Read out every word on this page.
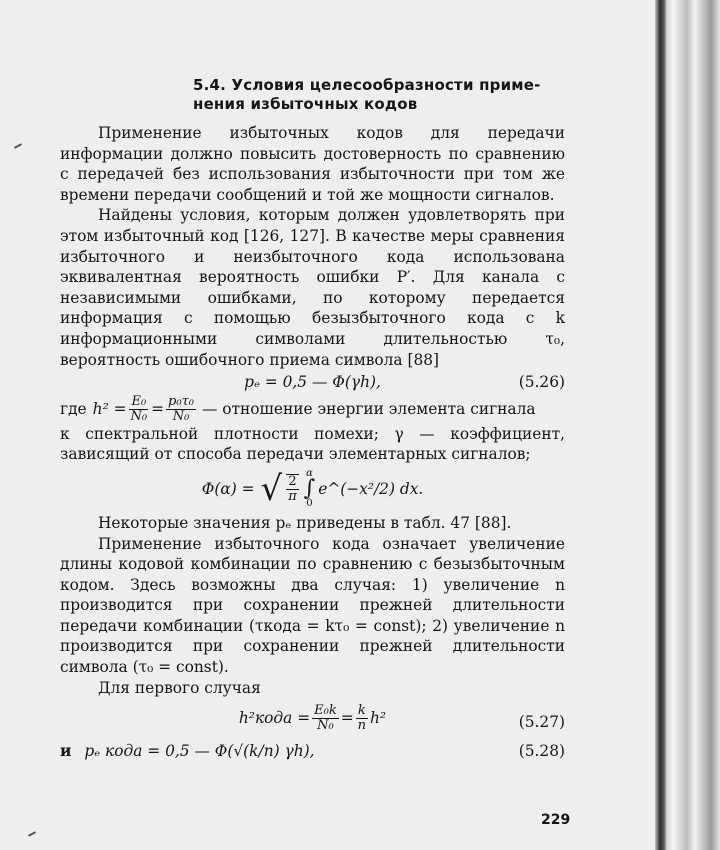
5.4. Условия целесообразности приме-
нения избыточных кодов

Применение избыточных кодов для передачи информации должно повысить достоверность по сравнению с передачей без использования избыточности при том же времени передачи сообщений и той же мощности сигналов.

Найдены условия, которым должен удовлетворять при этом избыточный код [126, 127]. В качестве меры сравнения избыточного и неизбыточного кода использована эквивалентная вероятность ошибки P′. Для канала с независимыми ошибками, по которому передается информация с помощью безызбыточного кода с k информационными символами длительностью τ₀, вероятность ошибочного приема символа [88]

pₑ = 0,5 — Φ(γh),	(5.26)
где $h^2 = \frac{\text{E₀}}{\text{N₀}} = \frac{\text{p₀τ₀}}{\text{N₀}}$ — отношение энергии элемента сигнала

к спектральной плотности помехи; γ — коэффициент, зависящий от способа передачи элементарных сигналов;

Φ(α) = √ $\frac{2}{\pi}$
α
∫
0
e^(−x²/2) dx.

Некоторые значения pₑ приведены в табл. 47 [88].

Применение избыточного кода означает увеличение длины кодовой комбинации по сравнению с безызбыточным кодом. Здесь возможны два случая: 1) увеличение n производится при сохранении прежней длительности передачи комбинации (τкода = kτ₀ = const); 2) увеличение n производится при сохранении прежней длительности символа (τ₀ = const).

Для первого случая

h²кода = $\frac{\text{E₀k}}{\text{N₀}} = \frac{k}{n} h^2$	(5.27)
и pₑ кода = 0,5 — Φ(√(k/n) γh),	(5.28)
229
